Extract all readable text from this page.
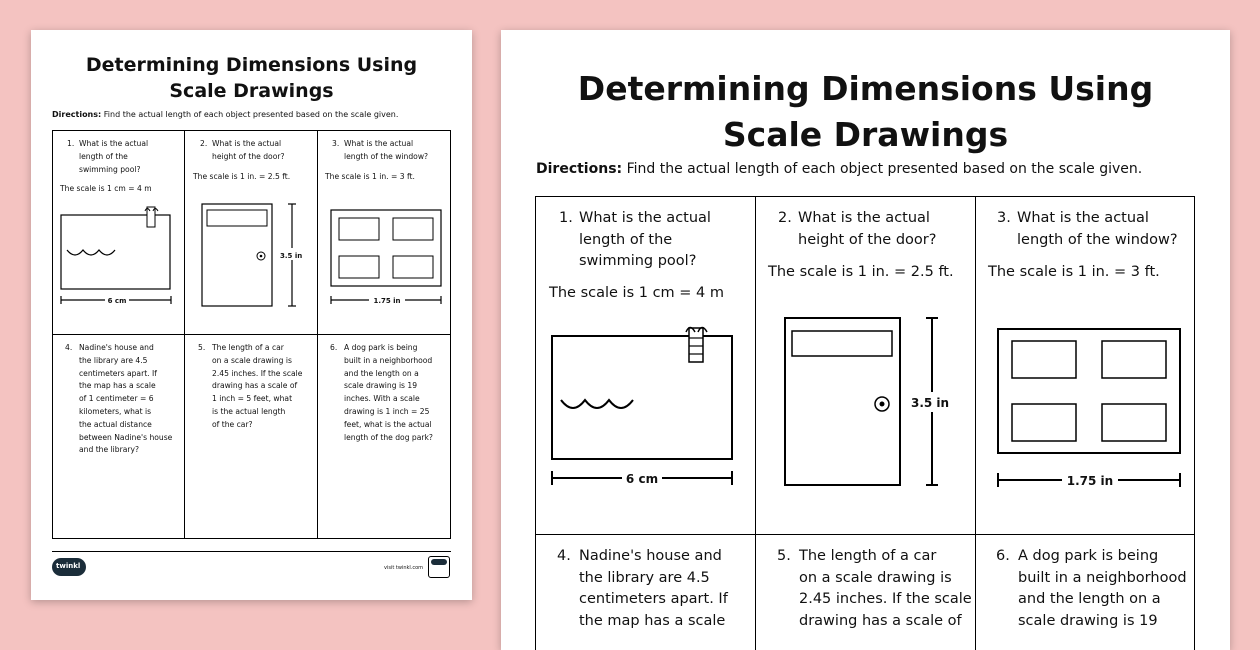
Determining Dimensions Using
Scale Drawings
Directions: Find the actual length of each object presented based on the scale given.
1. What is the actual
length of the
swimming pool?
The scale is 1 cm = 4 m
6 cm
2. What is the actual
height of the door?
The scale is 1 in. = 2.5 ft.
3.5 in
3. What is the actual
length of the window?
The scale is 1 in. = 3 ft.
1.75 in
4. Nadine's house and
the library are 4.5
centimeters apart. If
the map has a scale
of 1 centimeter = 6
kilometers, what is
the actual distance
between Nadine's house
and the library?
5. The length of a car
on a scale drawing is
2.45 inches. If the scale
drawing has a scale of
1 inch = 5 feet, what
is the actual length
of the car?
6. A dog park is being
built in a neighborhood
and the length on a
scale drawing is 19
inches. With a scale
drawing is 1 inch = 25
feet, what is the actual
length of the dog park?
twinkl	visit twinkl.com
Determining Dimensions Using
Scale Drawings
Directions: Find the actual length of each object presented based on the scale given.
1. What is the actual
length of the
swimming pool?
The scale is 1 cm = 4 m
6 cm
2. What is the actual
height of the door?
The scale is 1 in. = 2.5 ft.
3.5 in
3. What is the actual
length of the window?
The scale is 1 in. = 3 ft.
1.75 in
4. Nadine's house and
the library are 4.5
centimeters apart. If
the map has a scale
5. The length of a car
on a scale drawing is
2.45 inches. If the scale
drawing has a scale of
6. A dog park is being
built in a neighborhood
and the length on a
scale drawing is 19
